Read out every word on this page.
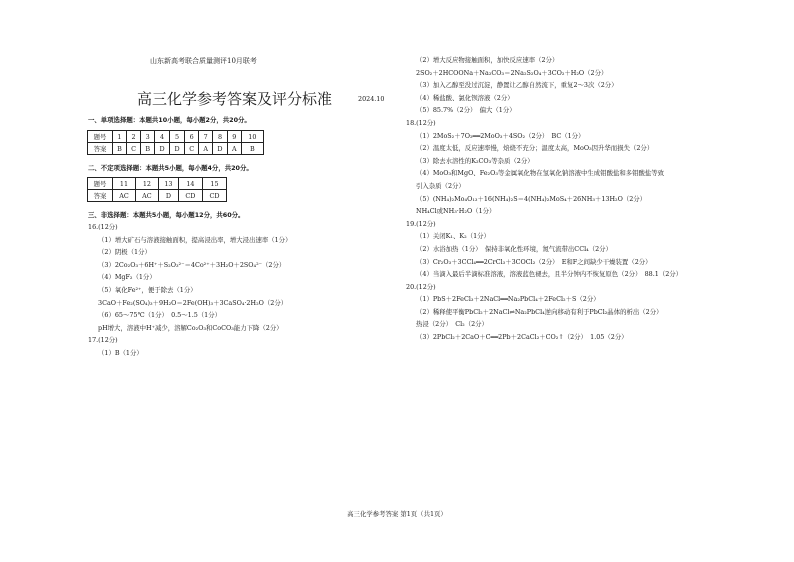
山东新高考联合质量测评10月联考
高三化学参考答案及评分标准	2024.10
一、单项选择题：本题共10小题，每小题2分，共20分。
题号	1	2	3	4	5	6	7	8	9	10
答案	B	C	B	D	D	C	A	D	A	B
二、不定项选择题：本题共5小题，每小题4分，共20分。
题号	11	12	13	14	15
答案	AC	AC	D	CD	CD
三、非选择题：本题共5小题，每小题12分，共60分。
16.(12分)
（1）增大矿石与溶液接触面积，提高浸出率，增大浸出速率（1分）
（2）阴极（1分）
（3）2Co₂O₃＋6H⁺＋S₂O₃²⁻＝4Co²⁺＋3H₂O＋2SO₄²⁻（2分）
（4）MgF₂（1分）
（5）氧化Fe²⁺，便于除去（1分）
3CaO＋Fe₂(SO₄)₃＋9H₂O＝2Fe(OH)₃＋3CaSO₄·2H₂O（2分）
（6）65～75℃（1分）　0.5～1.5（1分）
pH增大，溶液中H⁺减少，溶解Co₂O₃和CoCO₃能力下降（2分）
17.(12分)
（1）B（1分）
（2）增大反应物接触面积，加快反应速率（2分）
2SO₂＋2HCOONa＋Na₂CO₃＝2Na₂S₂O₄＋3CO₂＋H₂O（2分）
（3）加入乙醇至没过沉淀，静置让乙醇自然流下，重复2～3次（2分）
（4）稀盐酸、氯化钡溶液（2分）
（5）85.7%（2分）　偏大（1分）
18.(12分)
（1）2MoS₂＋7O₂══2MoO₃＋4SO₂（2分）　BC（1分）
（2）温度太低，反应速率慢，焙烧不充分；温度太高，MoO₃因升华而损失（2分）
（3）除去水溶性的K₂CO₃等杂质（2分）
（4）MoO₃和MgO、Fe₂O₃等金属氧化物在氢氧化钠溶液中生成钼酸盐和多钼酸盐等致
引入杂质（2分）
（5）(NH₄)₂Mo₄O₁₃＋16(NH₄)₂S＝4(NH₄)₂MoS₄＋26NH₃＋13H₂O（2分）
NH₄Cl或NH₃·H₂O（1分）
19.(12分)
（1）关闭K₁、K₂（1分）
（2）水浴加热（1分）　保持非氧化性环境，氮气流带出CCl₄（2分）
（3）Cr₂O₃＋3CCl₄══2CrCl₃＋3COCl₂（2分）　E和F之间缺少干燥装置（2分）
（4）当滴入最后半滴标准溶液，溶液蓝色褪去，且半分钟内不恢复原色（2分）　88.1（2分）
20.(12分)
（1）PbS＋2FeCl₃＋2NaCl══Na₂PbCl₄＋2FeCl₂＋S（2分）
（2）稀释使平衡PbCl₂＋2NaCl⇌Na₂PbCl₄逆向移动有利于PbCl₂晶体的析出（2分）
热浸（2分）　Cl₂（2分）
（3）2PbCl₂＋2CaO＋C══2Pb＋2CaCl₂＋CO₂↑（2分）　1.05（2分）
高三化学参考答案 第1页（共1页）
